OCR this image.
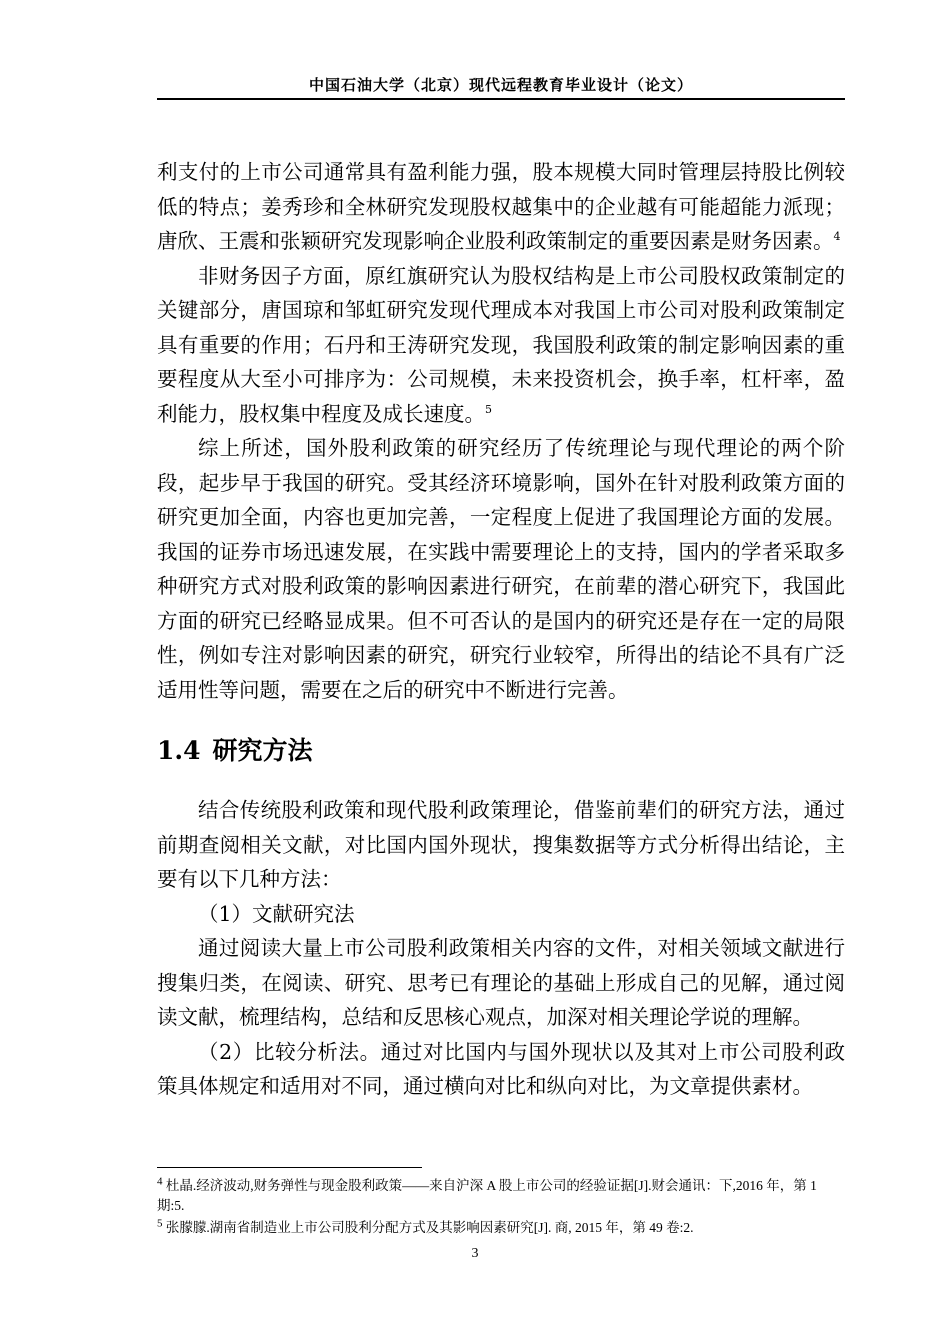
中国石油大学（北京）现代远程教育毕业设计（论文）

利支付的上市公司通常具有盈利能力强，股本规模大同时管理层持股比例较低的特点；姜秀珍和全林研究发现股权越集中的企业越有可能超能力派现；唐欣、王震和张颖研究发现影响企业股利政策制定的重要因素是财务因素。$^4$

非财务因子方面，原红旗研究认为股权结构是上市公司股权政策制定的关键部分，唐国琼和邹虹研究发现代理成本对我国上市公司对股利政策制定具有重要的作用；石丹和王涛研究发现，我国股利政策的制定影响因素的重要程度从大至小可排序为：公司规模，未来投资机会，换手率，杠杆率，盈利能力，股权集中程度及成长速度。$^5$

综上所述，国外股利政策的研究经历了传统理论与现代理论的两个阶段，起步早于我国的研究。受其经济环境影响，国外在针对股利政策方面的研究更加全面，内容也更加完善，一定程度上促进了我国理论方面的发展。我国的证券市场迅速发展，在实践中需要理论上的支持，国内的学者采取多种研究方式对股利政策的影响因素进行研究，在前辈的潜心研究下，我国此方面的研究已经略显成果。但不可否认的是国内的研究还是存在一定的局限性，例如专注对影响因素的研究，研究行业较窄，所得出的结论不具有广泛适用性等问题，需要在之后的研究中不断进行完善。

1.4 研究方法

结合传统股利政策和现代股利政策理论，借鉴前辈们的研究方法，通过前期查阅相关文献，对比国内国外现状，搜集数据等方式分析得出结论，主要有以下几种方法：

（1）文献研究法

通过阅读大量上市公司股利政策相关内容的文件，对相关领域文献进行搜集归类，在阅读、研究、思考已有理论的基础上形成自己的见解，通过阅读文献，梳理结构，总结和反思核心观点，加深对相关理论学说的理解。

（2）比较分析法。通过对比国内与国外现状以及其对上市公司股利政策具体规定和适用对不同，通过横向对比和纵向对比，为文章提供素材。

$^4$ 杜晶.经济波动,财务弹性与现金股利政策——来自沪深 A 股上市公司的经验证据[J].财会通讯：下,2016 年，第 1 期:5.

$^5$ 张朦朦.湖南省制造业上市公司股利分配方式及其影响因素研究[J]. 商, 2015 年，第 49 卷:2.

3
